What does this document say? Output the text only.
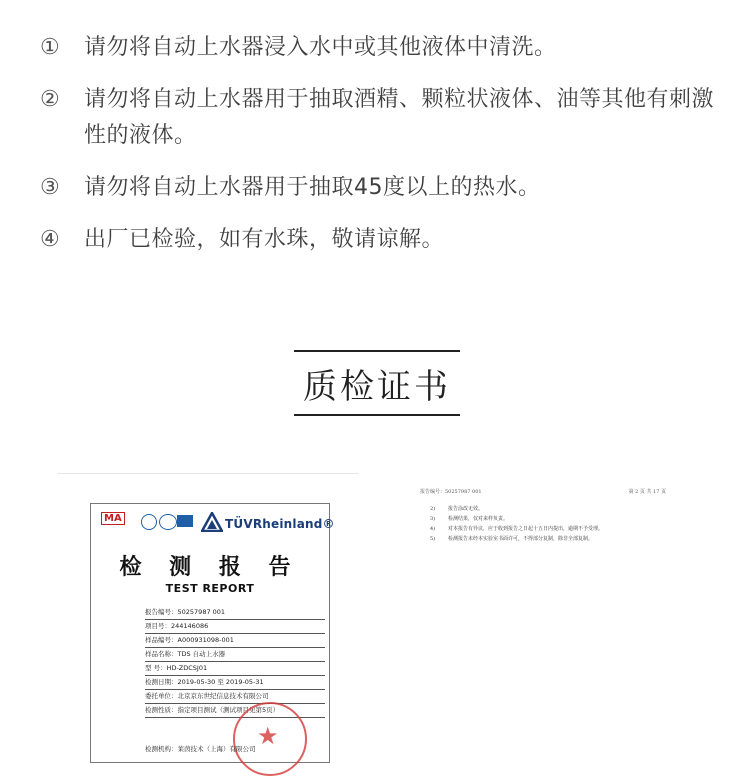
①	请勿将自动上水器浸入水中或其他液体中清洗。
②	请勿将自动上水器用于抽取酒精、颗粒状液体、油等其他有刺激性的液体。
③	请勿将自动上水器用于抽取45度以上的热水。
④	出厂已检验，如有水珠，敬请谅解。
质检证书
MA	TÜVRheinland®
检 测 报 告
TEST REPORT
报告编号：50257987 001
项目号：244146086
样品编号：A000931098-001
样品名称：TDS 自动上水器
型 号：HD-ZDCSJ01
检测日期：2019-05-30 至 2019-05-31
委托单位：北京京东世纪信息技术有限公司
检测性质：指定项目测试（测试项目见第5页）
★
检测机构：莱茵技术（上海）有限公司
报告编号：50257987 001	第 2 页 共 17 页
2)	报告涂改无效。
3)	检测结果，仅对来样负责。
4)	对本报告有异议，应于收到报告之日起十五日内提出，逾期不予受理。
5)	检测报告未经本实验室书面许可，不得部分复制，除非全部复制。
